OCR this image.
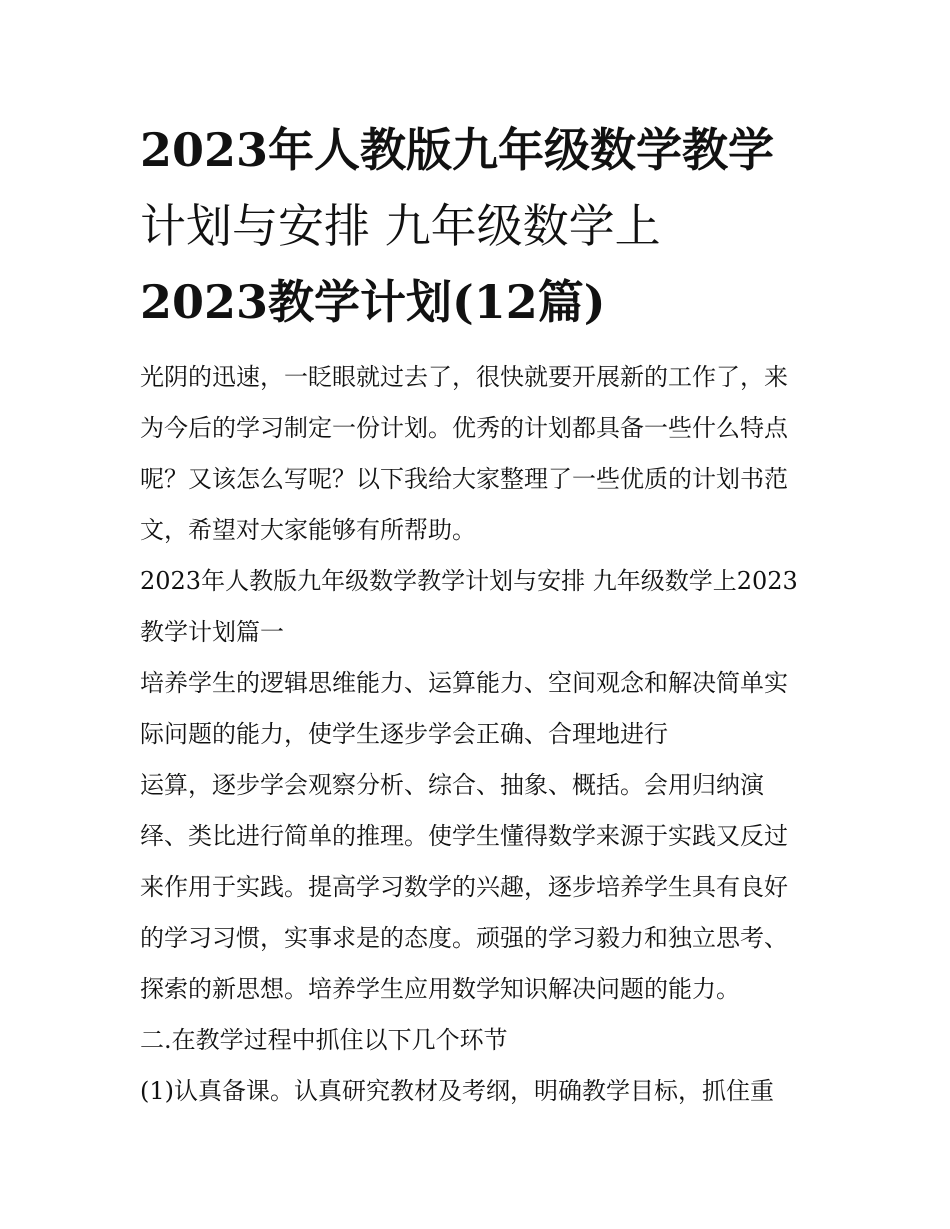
2023年人教版九年级数学教学
计划与安排 九年级数学上
2023教学计划(12篇)
光阴的迅速，一眨眼就过去了，很快就要开展新的工作了，来
为今后的学习制定一份计划。优秀的计划都具备一些什么特点
呢？又该怎么写呢？以下我给大家整理了一些优质的计划书范
文，希望对大家能够有所帮助。
2023年人教版九年级数学教学计划与安排 九年级数学上2023
教学计划篇一
培养学生的逻辑思维能力、运算能力、空间观念和解决简单实
际问题的能力，使学生逐步学会正确、合理地进行
运算，逐步学会观察分析、综合、抽象、概括。会用归纳演
绎、类比进行简单的推理。使学生懂得数学来源于实践又反过
来作用于实践。提高学习数学的兴趣，逐步培养学生具有良好
的学习习惯，实事求是的态度。顽强的学习毅力和独立思考、
探索的新思想。培养学生应用数学知识解决问题的能力。
二.在教学过程中抓住以下几个环节
(1)认真备课。认真研究教材及考纲，明确教学目标，抓住重
